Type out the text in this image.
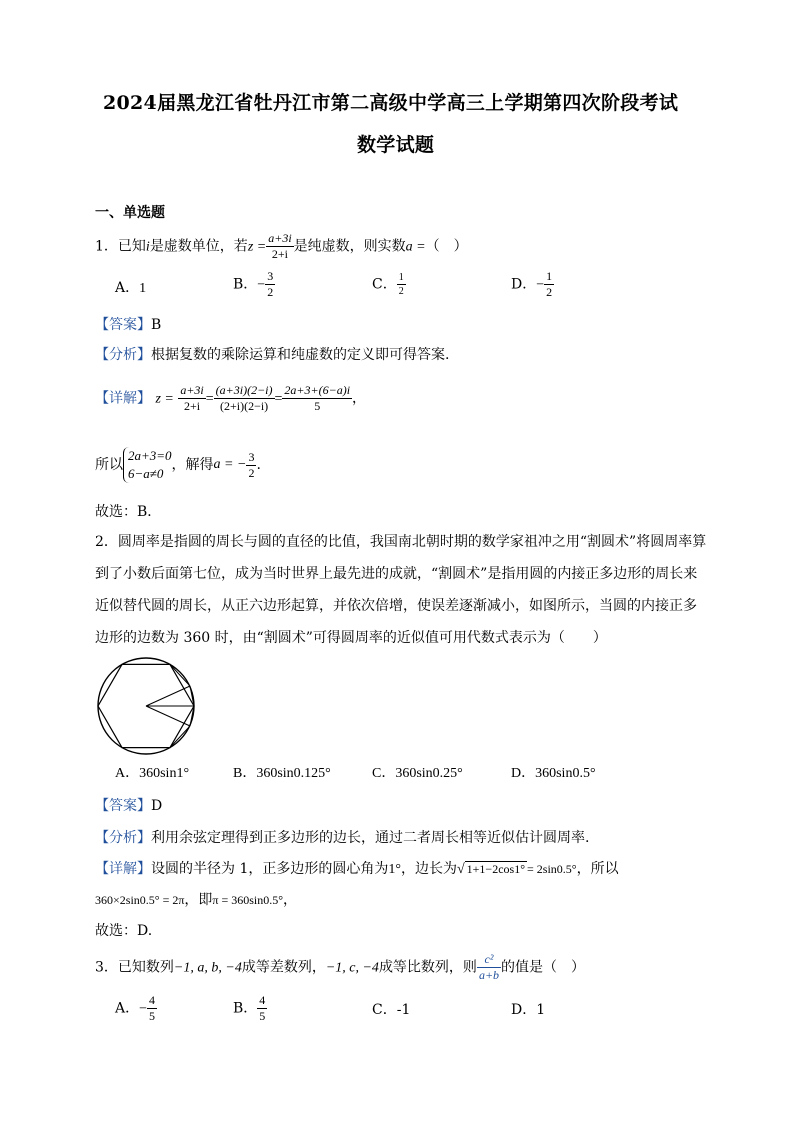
2024届黑龙江省牡丹江市第二高级中学高三上学期第四次阶段考试
数学试题
一、单选题
1．已知i是虚数单位，若$z = \frac{a+3i}{2+i}$ 是纯虚数，则实数a =（　）
A．1	B．− $\frac{3}{2}$	C． $\frac{1}{2}$	D．− $\frac{1}{2}$
【答案】B
【分析】根据复数的乘除运算和纯虚数的定义即可得答案.
【详解】 $z = \frac{a+3i}{2+i} = \frac{(a+3i)(2-i)}{(2+i)(2-i)} = \frac{2a+3+(6-a)i}{5}$ ，
所以
2a+3=0
6−a≠0
，解得a = − $\frac{3}{2}$ .
故选：B．
2．圆周率是指圆的周长与圆的直径的比值，我国南北朝时期的数学家祖冲之用“割圆术”将圆周率算
到了小数后面第七位，成为当时世界上最先进的成就，“割圆术”是指用圆的内接正多边形的周长来
近似替代圆的周长，从正六边形起算，并依次倍增，使误差逐渐减小，如图所示，当圆的内接正多
边形的边数为 360 时，由“割圆术”可得圆周率的近似值可用代数式表示为（　　）
A．360sin1°	B．360sin0.125°	C．360sin0.25°	D．360sin0.5°
【答案】D
【分析】利用余弦定理得到正多边形的边长，通过二者周长相等近似估计圆周率.
【详解】设圆的半径为 1，正多边形的圆心角为1°，边长为√ 1+1−2cos1° = 2sin0.5°，所以
360×2sin0.5° = 2π，即π = 360sin0.5°，
故选：D.
3．已知数列−1, a, b, −4成等差数列，−1, c, −4成等比数列，则 $\frac{\text{c²}}{a+b}$ 的值是（　）
A．− $\frac{4}{5}$	B． $\frac{4}{5}$	C．-1	D．1
